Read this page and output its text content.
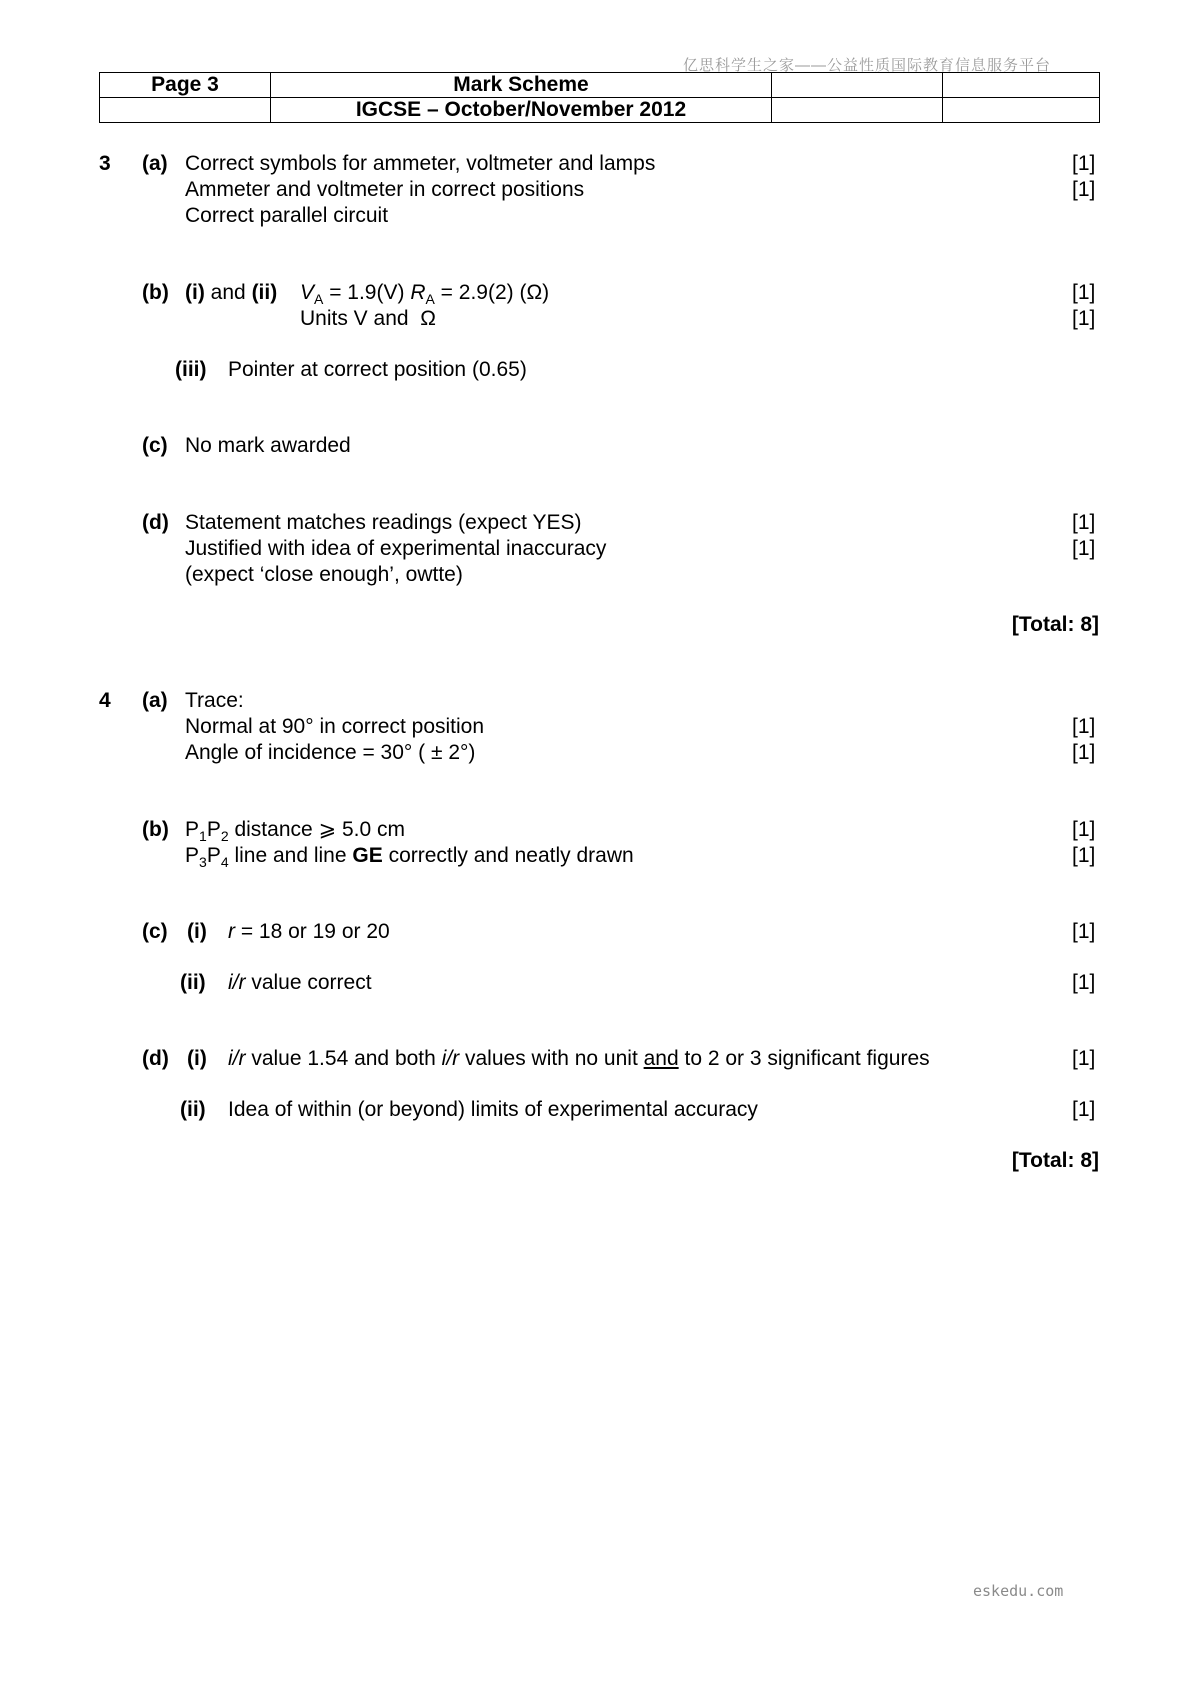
亿思科学生之家——公益性质国际教育信息服务平台
Page 3	Mark Scheme		
	IGCSE – October/November 2012		
3 (a) Correct symbols for ammeter, voltmeter and lamps	[1]
Ammeter and voltmeter in correct positions	[1]
Correct parallel circuit
(b) (i) and (ii) $V_A = 1.9(V) R_A = 2.9(2)$ (Ω)	[1]
Units V and  Ω	[1]
(iii) Pointer at correct position (0.65)
(c) No mark awarded
(d) Statement matches readings (expect YES)	[1]
Justified with idea of experimental inaccuracy	[1]
(expect ‘close enough’, owtte)
[Total: 8]
4 (a) Trace:
Normal at 90° in correct position	[1]
Angle of incidence = 30° ( ± 2°)	[1]
(b) $P_1P_2$ distance ⩾ 5.0 cm	[1]
$P_3P_4$ line and line GE correctly and neatly drawn	[1]
(c) (i) r = 18 or 19 or 20	[1]
(ii) i/r value correct	[1]
(d) (i) i/r value 1.54 and both i/r values with no unit and to 2 or 3 significant figures	[1]
(ii) Idea of within (or beyond) limits of experimental accuracy	[1]
[Total: 8]
eskedu.com
